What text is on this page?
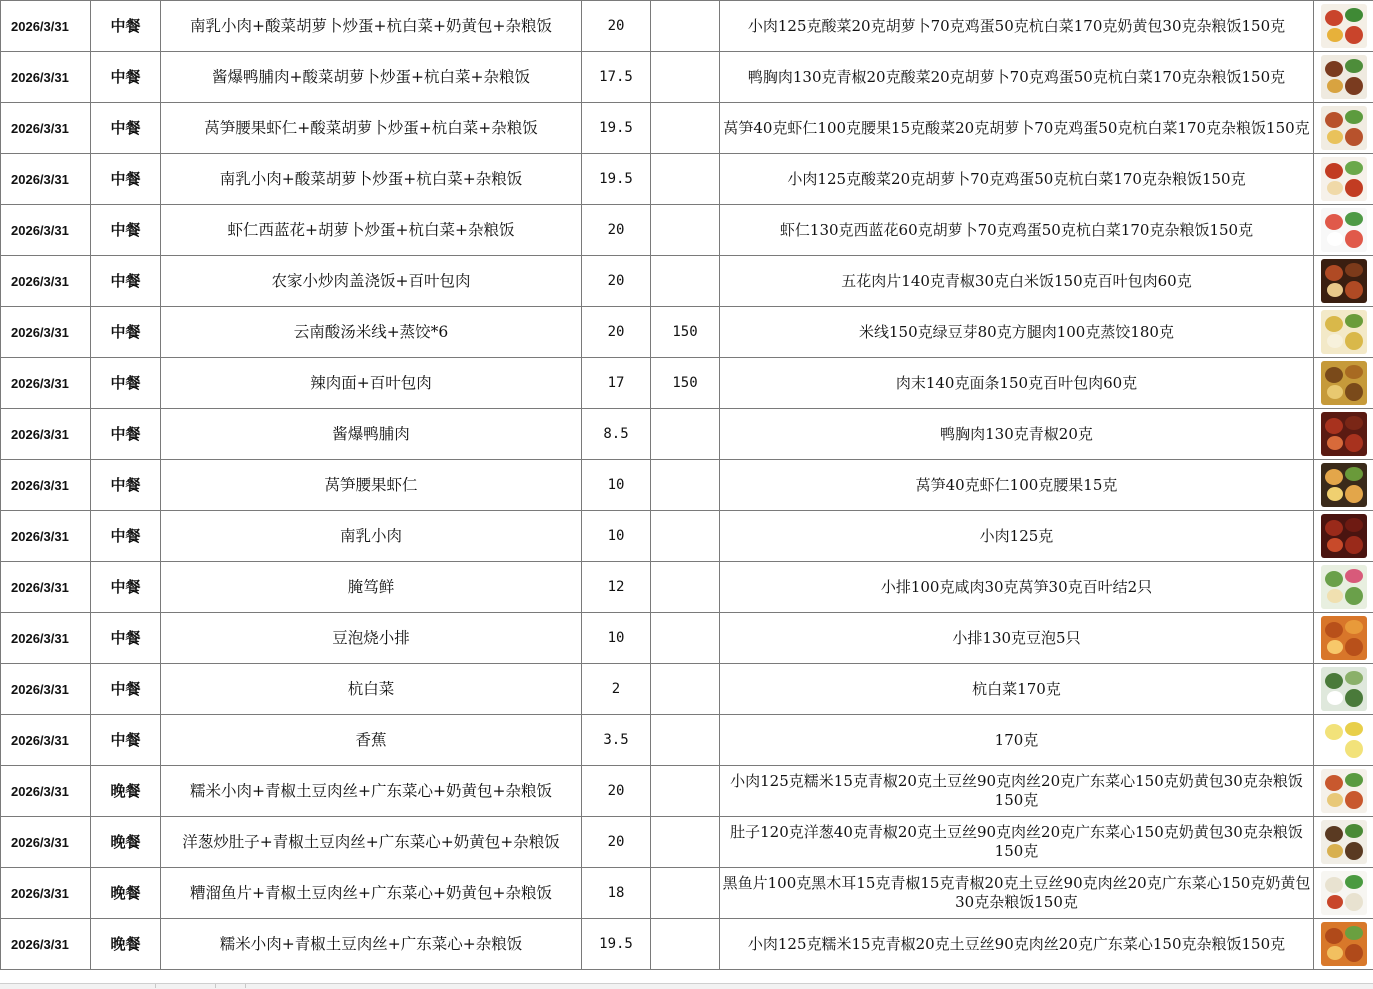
2026/3/31	中餐	南乳小肉+酸菜胡萝卜炒蛋+杭白菜+奶黄包+杂粮饭	20		小肉125克酸菜20克胡萝卜70克鸡蛋50克杭白菜170克奶黄包30克杂粮饭150克	

2026/3/31	中餐	酱爆鸭脯肉+酸菜胡萝卜炒蛋+杭白菜+杂粮饭	17.5		鸭胸肉130克青椒20克酸菜20克胡萝卜70克鸡蛋50克杭白菜170克杂粮饭150克	

2026/3/31	中餐	莴笋腰果虾仁+酸菜胡萝卜炒蛋+杭白菜+杂粮饭	19.5		莴笋40克虾仁100克腰果15克酸菜20克胡萝卜70克鸡蛋50克杭白菜170克杂粮饭150克	

2026/3/31	中餐	南乳小肉+酸菜胡萝卜炒蛋+杭白菜+杂粮饭	19.5		小肉125克酸菜20克胡萝卜70克鸡蛋50克杭白菜170克杂粮饭150克	

2026/3/31	中餐	虾仁西蓝花+胡萝卜炒蛋+杭白菜+杂粮饭	20		虾仁130克西蓝花60克胡萝卜70克鸡蛋50克杭白菜170克杂粮饭150克	

2026/3/31	中餐	农家小炒肉盖浇饭+百叶包肉	20		五花肉片140克青椒30克白米饭150克百叶包肉60克	

2026/3/31	中餐	云南酸汤米线+蒸饺*6	20	150	米线150克绿豆芽80克方腿肉100克蒸饺180克	

2026/3/31	中餐	辣肉面+百叶包肉	17	150	肉末140克面条150克百叶包肉60克	

2026/3/31	中餐	酱爆鸭脯肉	8.5		鸭胸肉130克青椒20克	

2026/3/31	中餐	莴笋腰果虾仁	10		莴笋40克虾仁100克腰果15克	

2026/3/31	中餐	南乳小肉	10		小肉125克	

2026/3/31	中餐	腌笃鲜	12		小排100克咸肉30克莴笋30克百叶结2只	

2026/3/31	中餐	豆泡烧小排	10		小排130克豆泡5只	

2026/3/31	中餐	杭白菜	2		杭白菜170克	

2026/3/31	中餐	香蕉	3.5		170克	

2026/3/31	晚餐	糯米小肉+青椒土豆肉丝+广东菜心+奶黄包+杂粮饭	20		小肉125克糯米15克青椒20克土豆丝90克肉丝20克广东菜心150克奶黄包30克杂粮饭150克	

2026/3/31	晚餐	洋葱炒肚子+青椒土豆肉丝+广东菜心+奶黄包+杂粮饭	20		肚子120克洋葱40克青椒20克土豆丝90克肉丝20克广东菜心150克奶黄包30克杂粮饭150克	

2026/3/31	晚餐	糟溜鱼片+青椒土豆肉丝+广东菜心+奶黄包+杂粮饭	18		黑鱼片100克黑木耳15克青椒15克青椒20克土豆丝90克肉丝20克广东菜心150克奶黄包30克杂粮饭150克	

2026/3/31	晚餐	糯米小肉+青椒土豆肉丝+广东菜心+杂粮饭	19.5		小肉125克糯米15克青椒20克土豆丝90克肉丝20克广东菜心150克杂粮饭150克	
